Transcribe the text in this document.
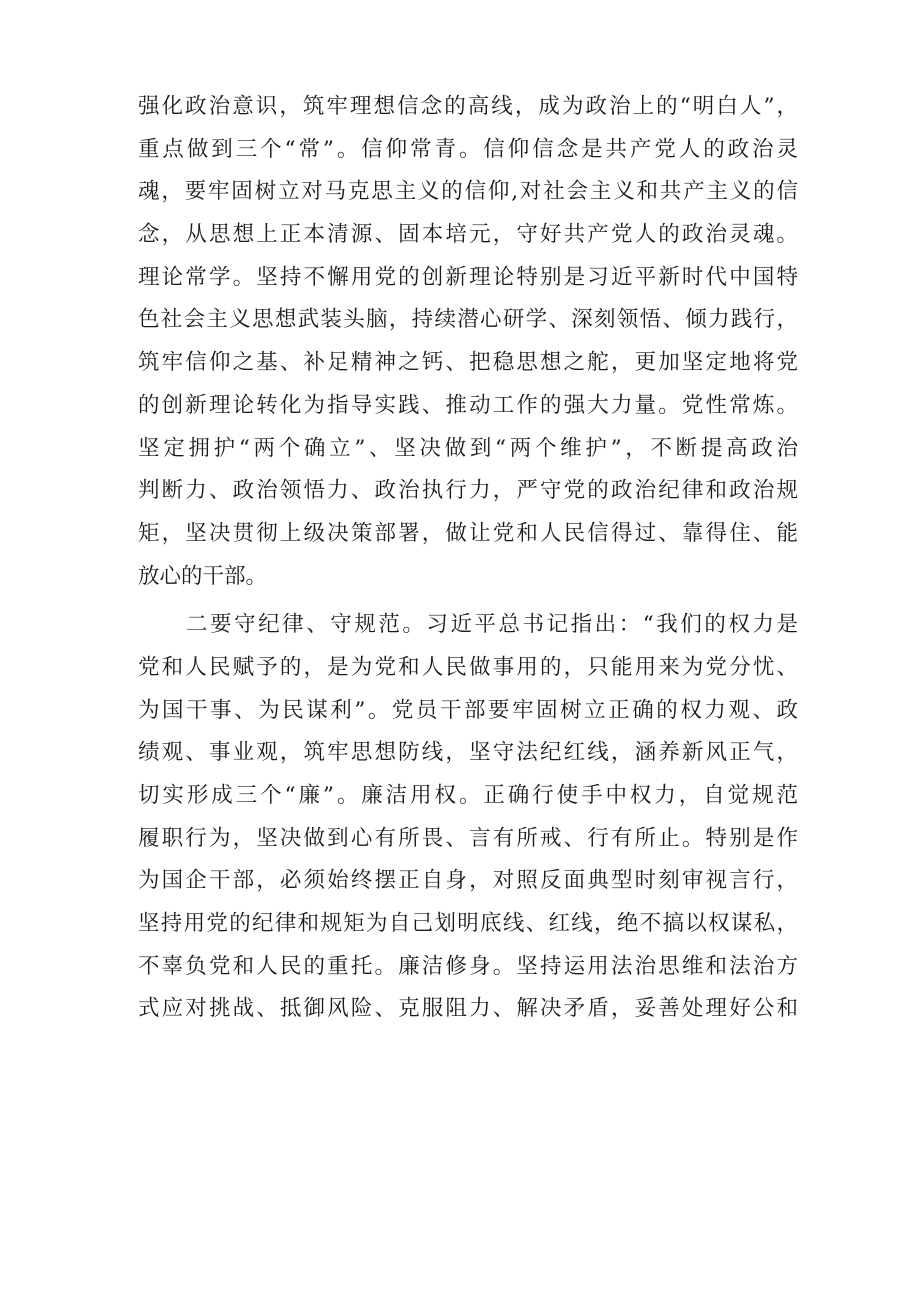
强化政治意识，筑牢理想信念的高线，成为政治上的“明白人”，
重点做到三个“常”。信仰常青。信仰信念是共产党人的政治灵
魂，要牢固树立对马克思主义的信仰,对社会主义和共产主义的信
念，从思想上正本清源、固本培元，守好共产党人的政治灵魂。
理论常学。坚持不懈用党的创新理论特别是习近平新时代中国特
色社会主义思想武装头脑，持续潜心研学、深刻领悟、倾力践行，
筑牢信仰之基、补足精神之钙、把稳思想之舵，更加坚定地将党
的创新理论转化为指导实践、推动工作的强大力量。党性常炼。
坚定拥护“两个确立”、坚决做到“两个维护”，不断提高政治
判断力、政治领悟力、政治执行力，严守党的政治纪律和政治规
矩，坚决贯彻上级决策部署，做让党和人民信得过、靠得住、能
放心的干部。
二要守纪律、守规范。习近平总书记指出：“我们的权力是
党和人民赋予的，是为党和人民做事用的，只能用来为党分忧、
为国干事、为民谋利”。党员干部要牢固树立正确的权力观、政
绩观、事业观，筑牢思想防线，坚守法纪红线，涵养新风正气，
切实形成三个“廉”。廉洁用权。正确行使手中权力，自觉规范
履职行为，坚决做到心有所畏、言有所戒、行有所止。特别是作
为国企干部，必须始终摆正自身，对照反面典型时刻审视言行，
坚持用党的纪律和规矩为自己划明底线、红线，绝不搞以权谋私，
不辜负党和人民的重托。廉洁修身。坚持运用法治思维和法治方
式应对挑战、抵御风险、克服阻力、解决矛盾，妥善处理好公和
